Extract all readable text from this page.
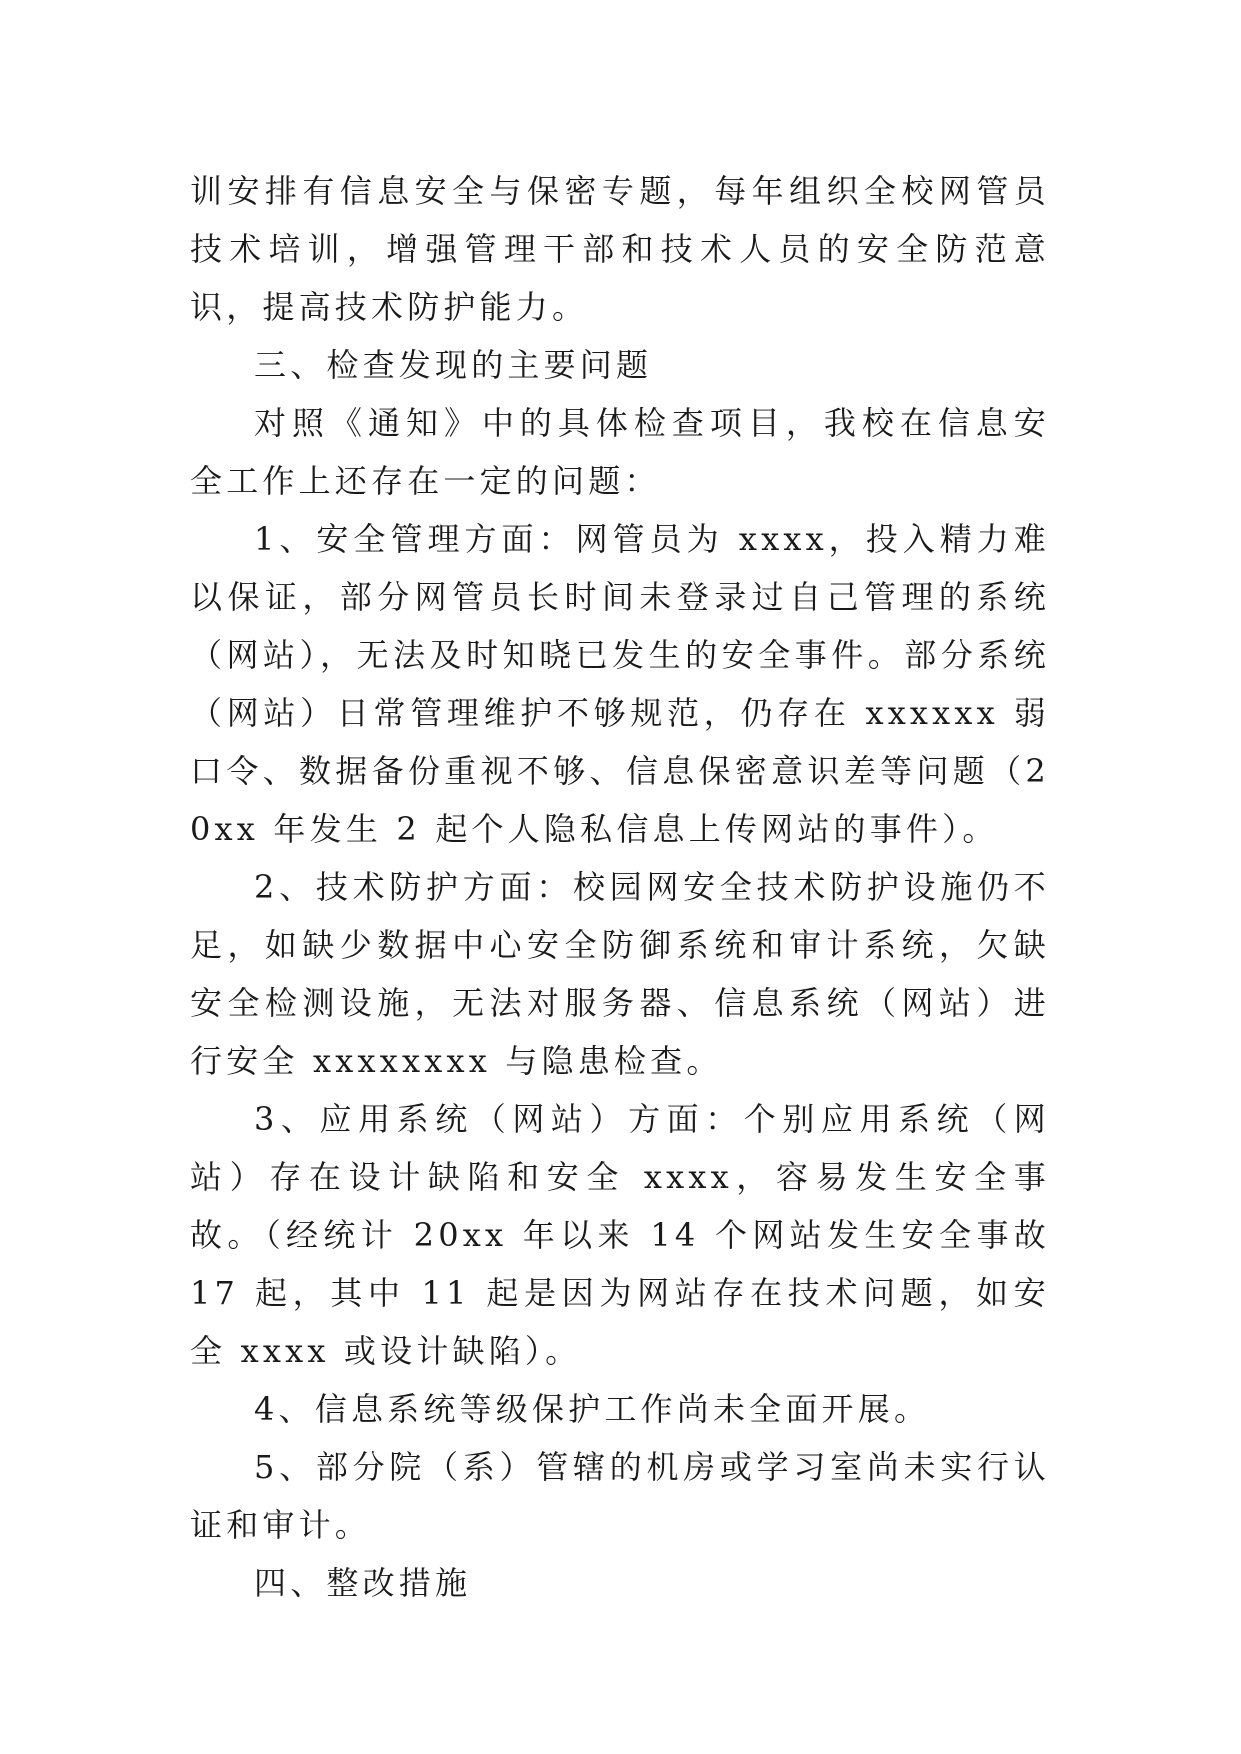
训安排有信息安全与保密专题，每年组织全校网管员技术培训，增强管理干部和技术人员的安全防范意识，提高技术防护能力。

三、检查发现的主要问题

对照《通知》中的具体检查项目，我校在信息安全工作上还存在一定的问题：

1、安全管理方面：网管员为 xxxx，投入精力难以保证，部分网管员长时间未登录过自己管理的系统（网站），无法及时知晓已发生的安全事件。部分系统（网站）日常管理维护不够规范，仍存在 xxxxxx 弱口令、数据备份重视不够、信息保密意识差等问题（20xx 年发生 2 起个人隐私信息上传网站的事件）。

2、技术防护方面：校园网安全技术防护设施仍不足，如缺少数据中心安全防御系统和审计系统，欠缺安全检测设施，无法对服务器、信息系统（网站）进行安全 xxxxxxxx 与隐患检查。

3、应用系统（网站）方面：个别应用系统（网站）存在设计缺陷和安全 xxxx，容易发生安全事故。（经统计 20xx 年以来 14 个网站发生安全事故 17 起，其中 11 起是因为网站存在技术问题，如安全 xxxx 或设计缺陷）。

4、信息系统等级保护工作尚未全面开展。

5、部分院（系）管辖的机房或学习室尚未实行认证和审计。

四、整改措施
